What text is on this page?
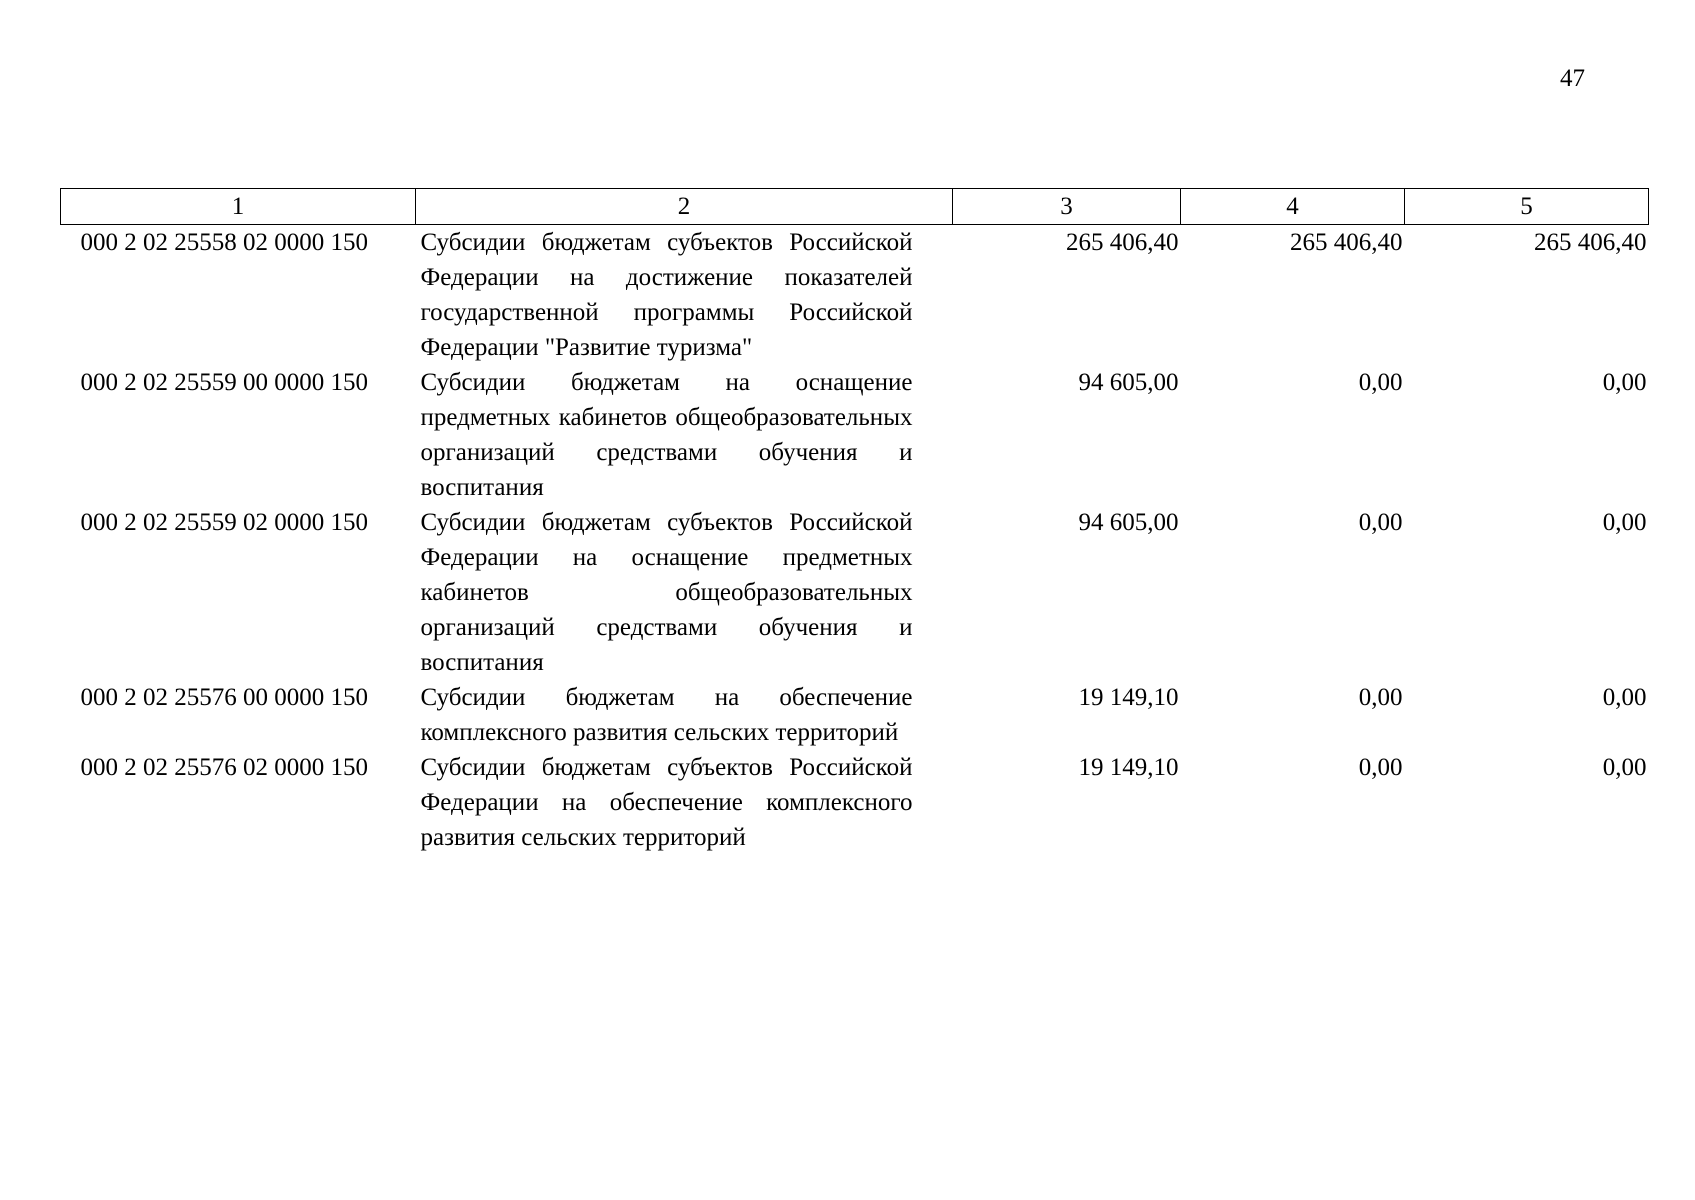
47
1	2	3	4	5
000 2 02 25558 02 0000 150	Субсидии бюджетам субъектов Российской Федерации на достижение показателей государственной программы Российской Федерации "Развитие туризма"	265 406,40	265 406,40	265 406,40
000 2 02 25559 00 0000 150	Субсидии бюджетам на оснащение предметных кабинетов общеобразовательных организаций средствами обучения и воспитания	94 605,00	0,00	0,00
000 2 02 25559 02 0000 150	Субсидии бюджетам субъектов Российской Федерации на оснащение предметных кабинетов общеобразовательных организаций средствами обучения и воспитания	94 605,00	0,00	0,00
000 2 02 25576 00 0000 150	Субсидии бюджетам на обеспечение комплексного развития сельских территорий	19 149,10	0,00	0,00
000 2 02 25576 02 0000 150	Субсидии бюджетам субъектов Российской Федерации на обеспечение комплексного развития сельских территорий	19 149,10	0,00	0,00
